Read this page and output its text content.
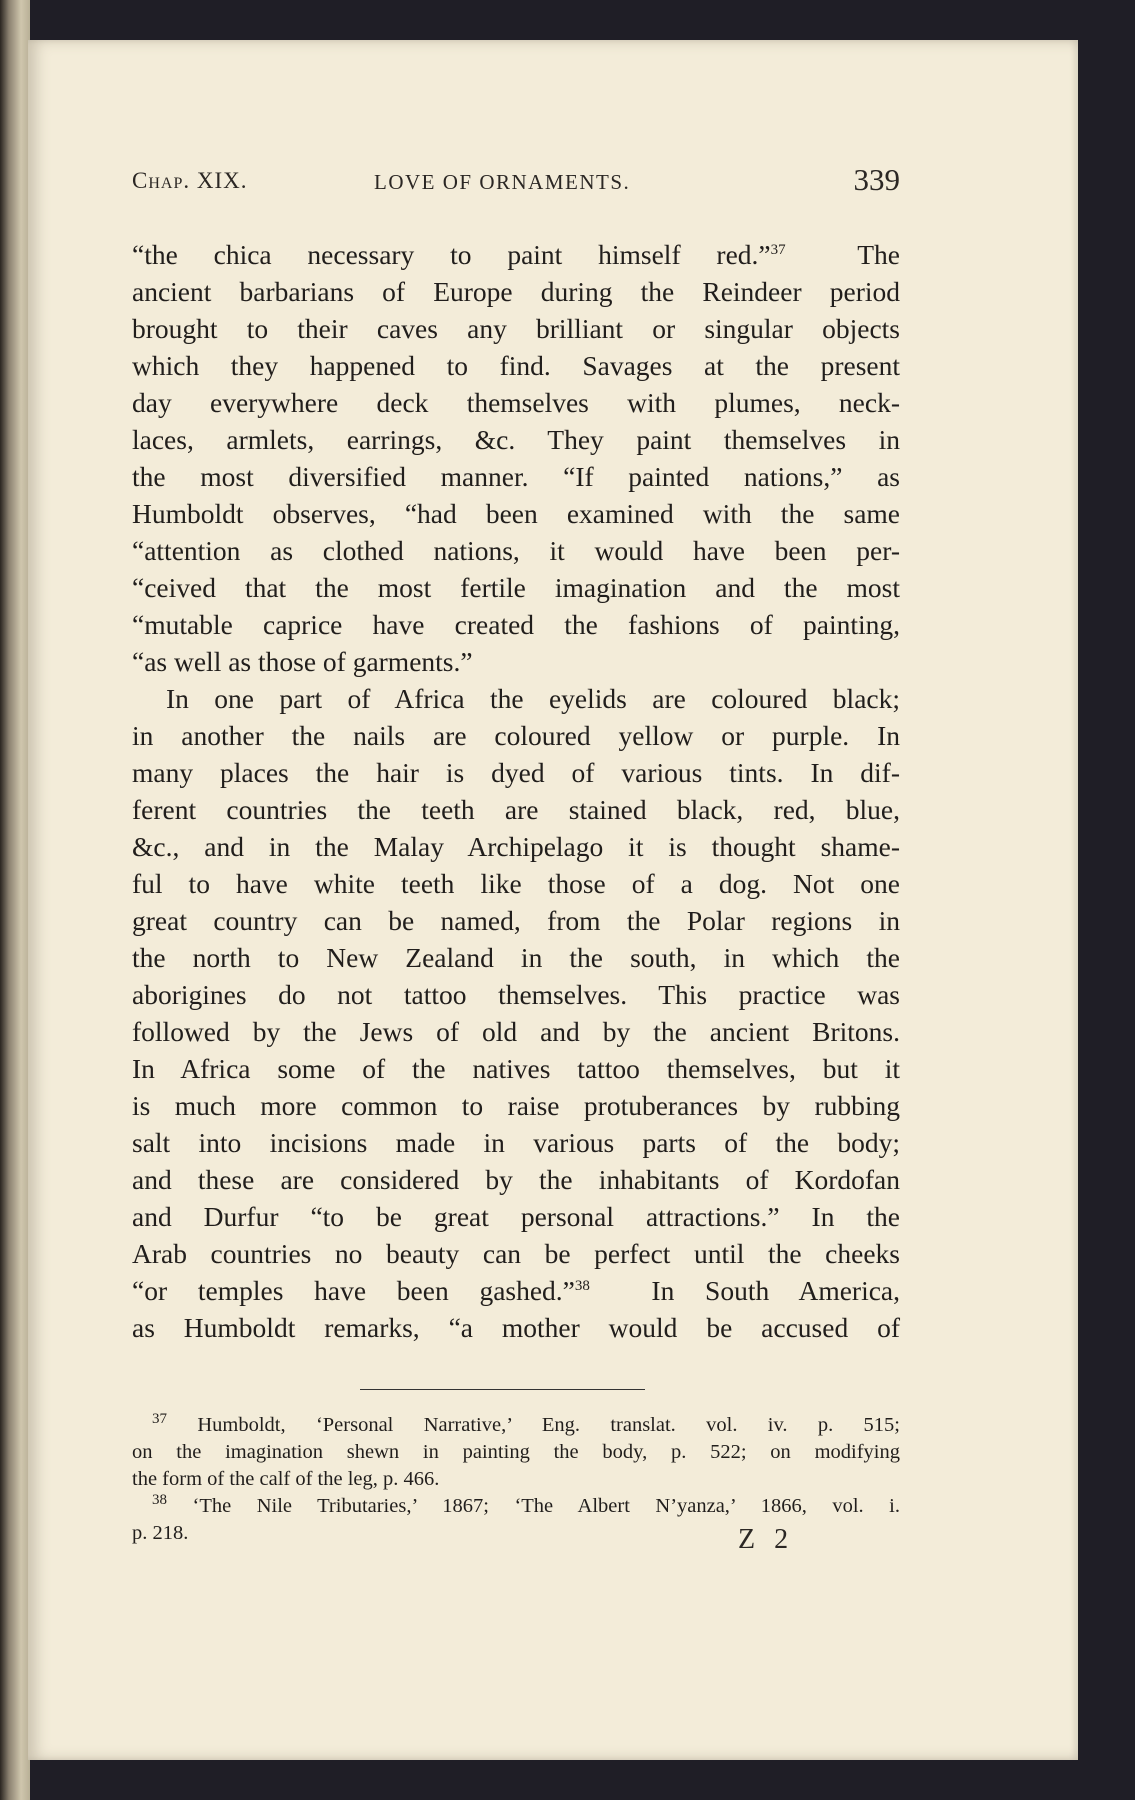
Chap. XIX.	LOVE OF ORNAMENTS.	339
“the chica necessary to paint himself red.”$^{37}$	The
ancient barbarians of Europe during the Reindeer period
brought to their caves any brilliant or singular objects
which they happened to find. Savages at the present
day everywhere deck themselves with plumes, neck-
laces, armlets, earrings, &c. They paint themselves in
the most diversified manner. “If painted nations,” as
Humboldt observes, “had been examined with the same
“attention as clothed nations, it would have been per-
“ceived that the most fertile imagination and the most
“mutable caprice have created the fashions of painting,
“as well as those of garments.”
In one part of Africa the eyelids are coloured black;
in another the nails are coloured yellow or purple. In
many places the hair is dyed of various tints. In dif-
ferent countries the teeth are stained black, red, blue,
&c., and in the Malay Archipelago it is thought shame-
ful to have white teeth like those of a dog. Not one
great country can be named, from the Polar regions in
the north to New Zealand in the south, in which the
aborigines do not tattoo themselves. This practice was
followed by the Jews of old and by the ancient Britons.
In Africa some of the natives tattoo themselves, but it
is much more common to raise protuberances by rubbing
salt into incisions made in various parts of the body;
and these are considered by the inhabitants of Kordofan
and Durfur “to be great personal attractions.” In the
Arab countries no beauty can be perfect until the cheeks
“or temples have been gashed.”$^{38}$ In South America,
as Humboldt remarks, “a mother would be accused of
$^{37}$ Humboldt, ‘Personal Narrative,’ Eng. translat. vol. iv. p. 515;
on the imagination shewn in painting the body, p. 522; on modifying
the form of the calf of the leg, p. 466.
$^{38}$ ‘The Nile Tributaries,’ 1867; ‘The Albert N’yanza,’ 1866, vol. i.
p. 218.	Z 2
